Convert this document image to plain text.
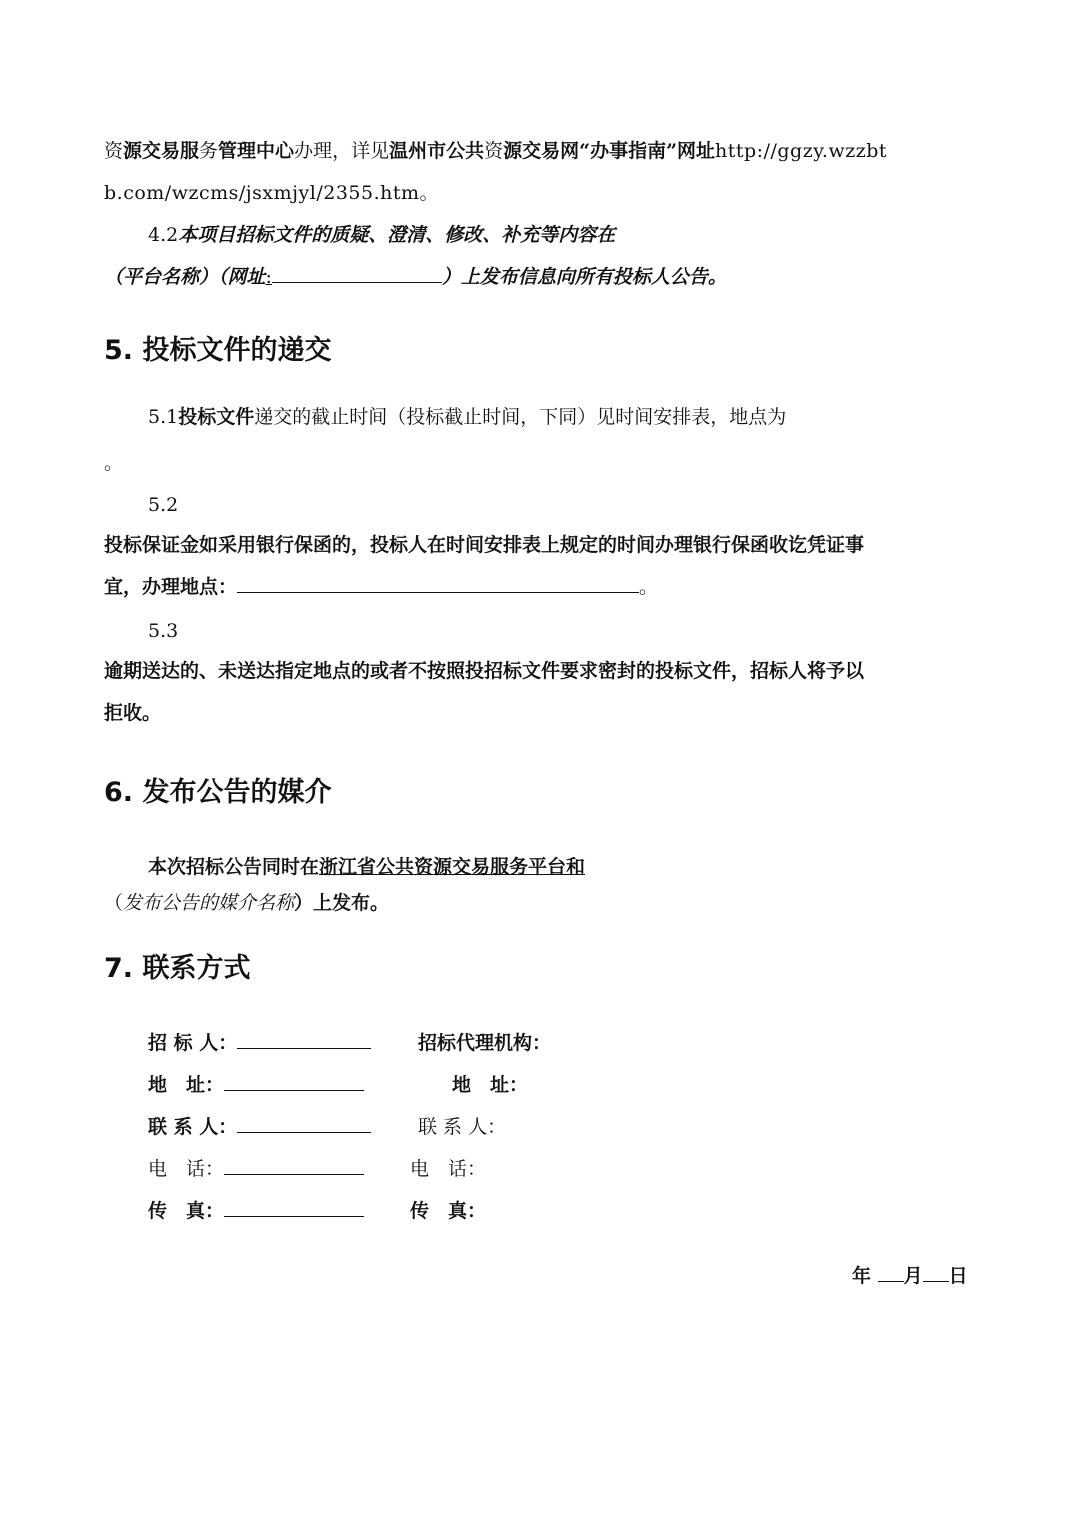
资源交易服务管理中心办理，详见温州市公共资源交易网“办事指南”网址http://ggzy.wzzbt
b.com/wzcms/jsxmjyl/2355.htm。
4.2本项目招标文件的质疑、澄清、修改、补充等内容在
（平台名称）（网址:	）上发布信息向所有投标人公告。
5. 投标文件的递交
5.1投标文件递交的截止时间（投标截止时间，下同）见时间安排表，地点为
。
5.2
投标保证金如采用银行保函的，投标人在时间安排表上规定的时间办理银行保函收讫凭证事
宜，办理地点：	。
5.3
逾期送达的、未送达指定地点的或者不按照投招标文件要求密封的投标文件，招标人将予以
拒收。
6. 发布公告的媒介
本次招标公告同时在浙江省公共资源交易服务平台和
（发布公告的媒介名称）上发布。
7. 联系方式
招 标 人：	招标代理机构：
地　址：	地　址：
联 系 人：	联 系 人：
电　话：	电　话：
传　真：	传　真：
年 月 日
